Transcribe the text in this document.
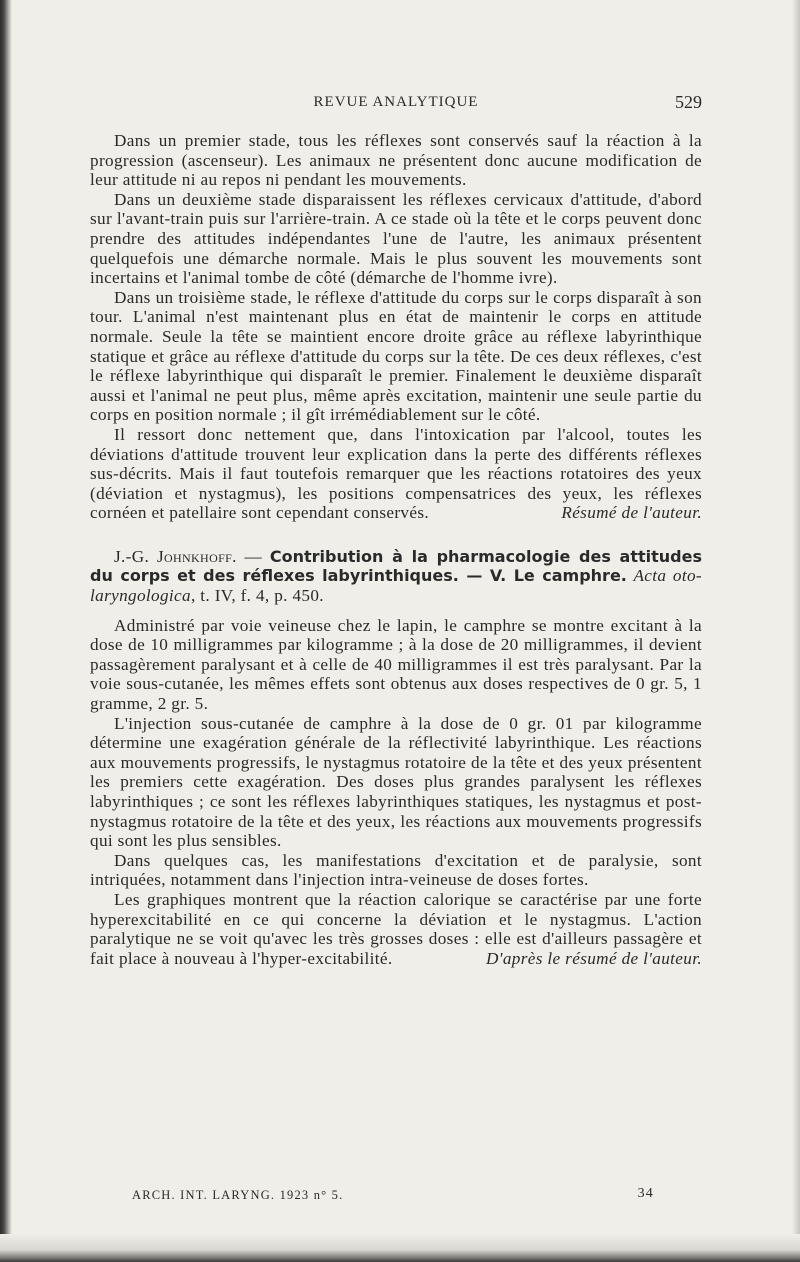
REVUE ANALYTIQUE	529

Dans un premier stade, tous les réflexes sont conservés sauf la réaction à la progression (ascenseur). Les animaux ne présentent donc aucune modification de leur attitude ni au repos ni pendant les mouvements.

Dans un deuxième stade disparaissent les réflexes cervicaux d'attitude, d'abord sur l'avant-train puis sur l'arrière-train. A ce stade où la tête et le corps peuvent donc prendre des attitudes indépendantes l'une de l'autre, les animaux présentent quelquefois une démarche normale. Mais le plus souvent les mouvements sont incertains et l'animal tombe de côté (démarche de l'homme ivre).

Dans un troisième stade, le réflexe d'attitude du corps sur le corps disparaît à son tour. L'animal n'est maintenant plus en état de maintenir le corps en attitude normale. Seule la tête se maintient encore droite grâce au réflexe labyrinthique statique et grâce au réflexe d'attitude du corps sur la tête. De ces deux réflexes, c'est le réflexe labyrinthique qui disparaît le premier. Finalement le deuxième disparaît aussi et l'animal ne peut plus, même après excitation, maintenir une seule partie du corps en position normale ; il gît irrémédiablement sur le côté.

Il ressort donc nettement que, dans l'intoxication par l'alcool, toutes les déviations d'attitude trouvent leur explication dans la perte des différents réflexes sus-décrits. Mais il faut toutefois remarquer que les réactions rotatoires des yeux (déviation et nystagmus), les positions compensatrices des yeux, les réflexes cornéen et patellaire sont cependant conservés.	Résumé de l'auteur.

J.-G. Johnkhoff. — Contribution à la pharmacologie des attitudes du corps et des réflexes labyrinthiques. — V. Le camphre. Acta oto-laryngologica, t. IV, f. 4, p. 450.

Administré par voie veineuse chez le lapin, le camphre se montre excitant à la dose de 10 milligrammes par kilogramme ; à la dose de 20 milligrammes, il devient passagèrement paralysant et à celle de 40 milligrammes il est très paralysant. Par la voie sous-cutanée, les mêmes effets sont obtenus aux doses respectives de 0 gr. 5, 1 gramme, 2 gr. 5.

L'injection sous-cutanée de camphre à la dose de 0 gr. 01 par kilogramme détermine une exagération générale de la réflectivité labyrinthique. Les réactions aux mouvements progressifs, le nystagmus rotatoire de la tête et des yeux présentent les premiers cette exagération. Des doses plus grandes paralysent les réflexes labyrinthiques ; ce sont les réflexes labyrinthiques statiques, les nystagmus et post-nystagmus rotatoire de la tête et des yeux, les réactions aux mouvements progressifs qui sont les plus sensibles.

Dans quelques cas, les manifestations d'excitation et de paralysie, sont intriquées, notamment dans l'injection intra-veineuse de doses fortes.

Les graphiques montrent que la réaction calorique se caractérise par une forte hyperexcitabilité en ce qui concerne la déviation et le nystagmus. L'action paralytique ne se voit qu'avec les très grosses doses : elle est d'ailleurs passagère et fait place à nouveau à l'hyper-excitabilité.	D'après le résumé de l'auteur.
ARCH. INT. LARYNG. 1923 n° 5.	34
